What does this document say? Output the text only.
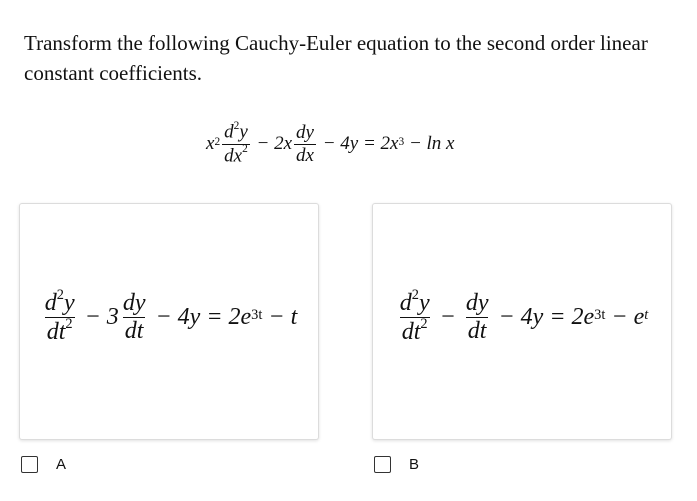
Transform the following Cauchy-Euler equation to the second order linear
constant coefficients.
$x^2 \frac{d^2y}{dx^2} - 2x \frac{dy}{dx} - 4y = 2x^3 - \ln x$
$\frac{d^2y}{dt^2} - 3 \frac{dy}{dt} - 4y = 2e^{3t} - t$	$\frac{d^2y}{dt^2} - \frac{dy}{dt} - 4y = 2e^{3t} - e^t$
A	B
